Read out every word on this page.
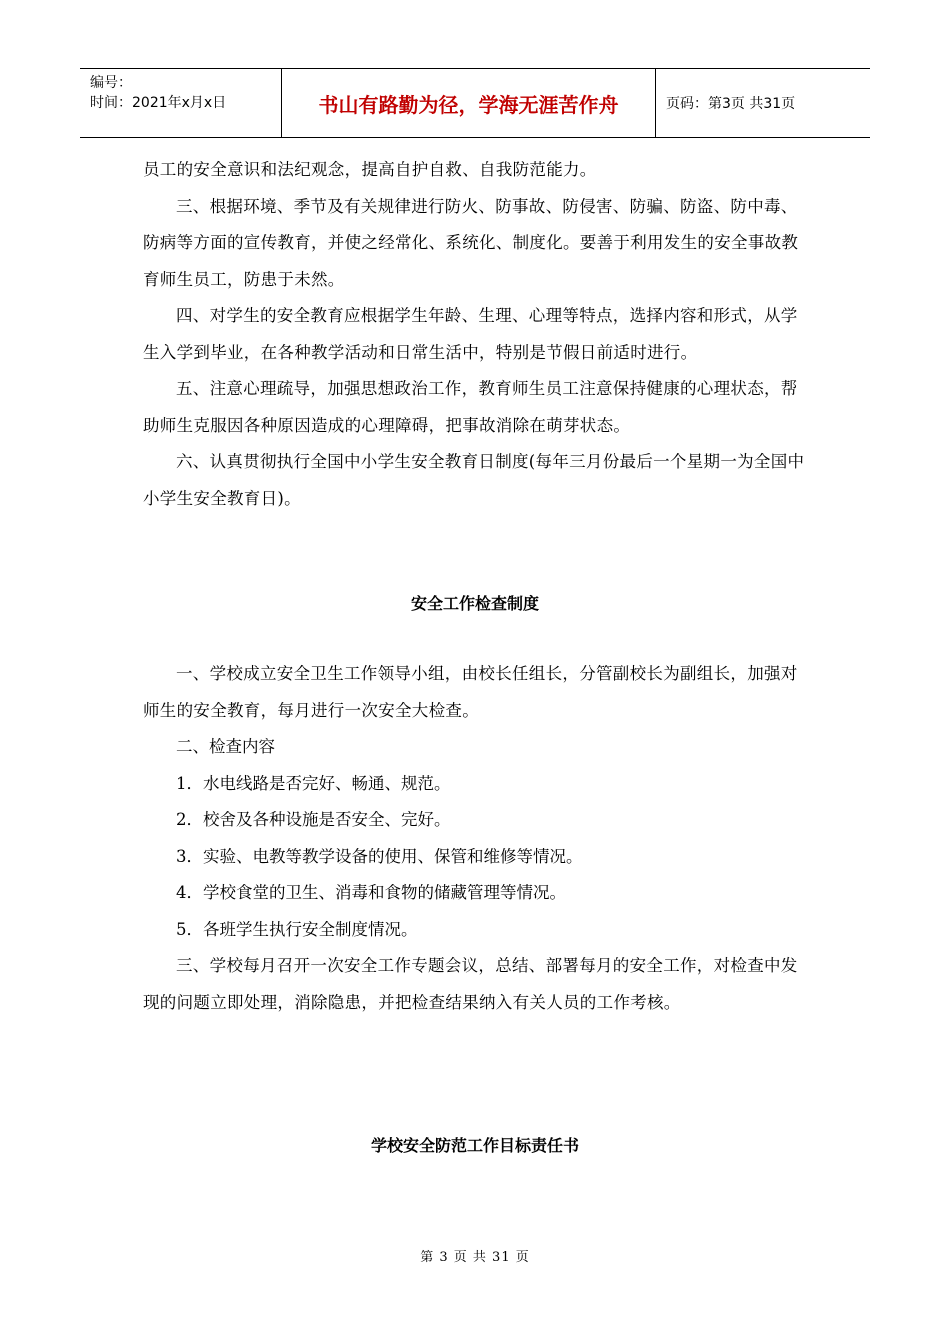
编号：
时间：2021年x月x日	书山有路勤为径，学海无涯苦作舟	页码：第3页 共31页

员工的安全意识和法纪观念，提高自护自救、自我防范能力。

三、根据环境、季节及有关规律进行防火、防事故、防侵害、防骗、防盗、防中毒、防病等方面的宣传教育，并使之经常化、系统化、制度化。要善于利用发生的安全事故教育师生员工，防患于未然。

四、对学生的安全教育应根据学生年龄、生理、心理等特点，选择内容和形式，从学生入学到毕业，在各种教学活动和日常生活中，特别是节假日前适时进行。

五、注意心理疏导，加强思想政治工作，教育师生员工注意保持健康的心理状态，帮助师生克服因各种原因造成的心理障碍，把事故消除在萌芽状态。

六、认真贯彻执行全国中小学生安全教育日制度(每年三月份最后一个星期一为全国中小学生安全教育日)。

安全工作检查制度

一、学校成立安全卫生工作领导小组，由校长任组长，分管副校长为副组长，加强对师生的安全教育，每月进行一次安全大检查。

二、检查内容

1．水电线路是否完好、畅通、规范。

2．校舍及各种设施是否安全、完好。

3．实验、电教等教学设备的使用、保管和维修等情况。

4．学校食堂的卫生、消毒和食物的储藏管理等情况。

5．各班学生执行安全制度情况。

三、学校每月召开一次安全工作专题会议，总结、部署每月的安全工作，对检查中发现的问题立即处理，消除隐患，并把检查结果纳入有关人员的工作考核。

学校安全防范工作目标责任书
第 3 页 共 31 页
